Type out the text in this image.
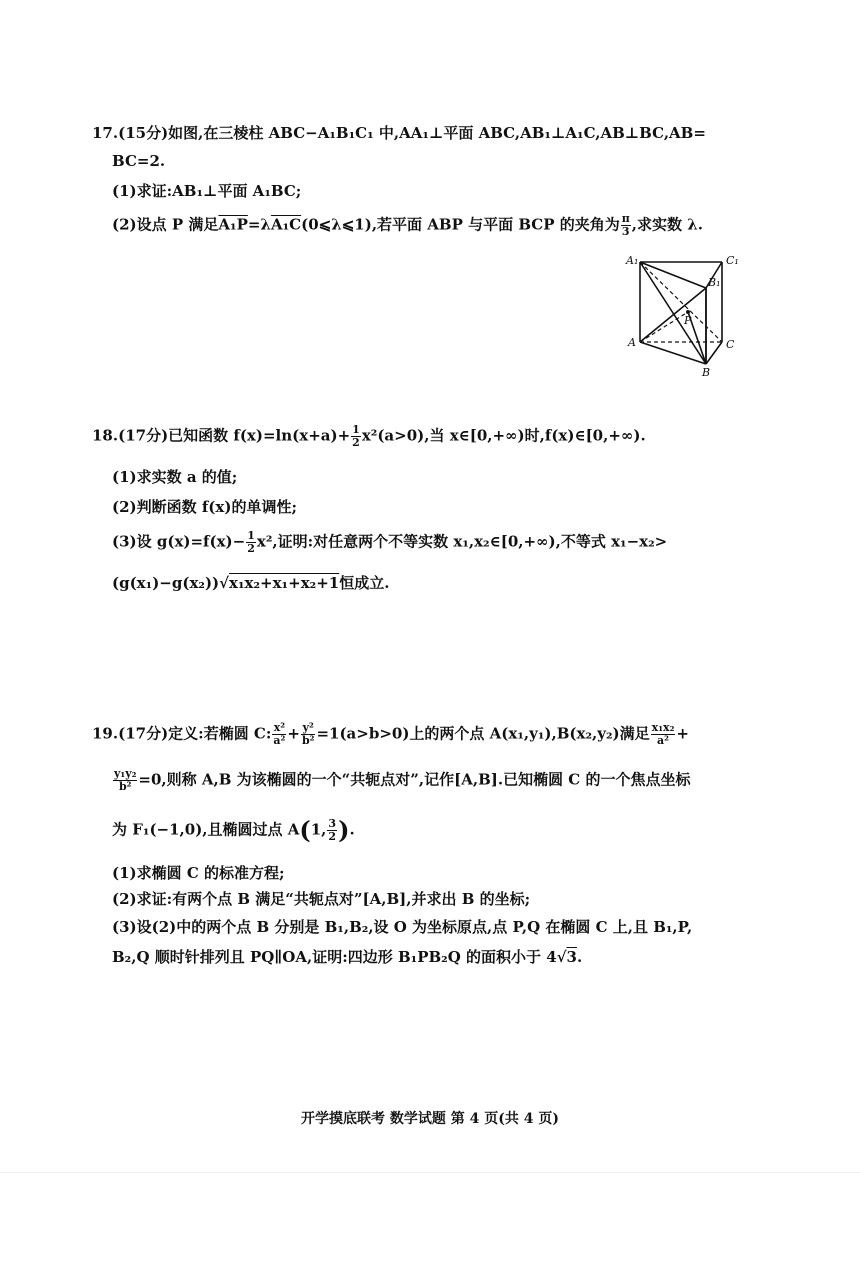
17.(15分)如图,在三棱柱 ABC−A₁B₁C₁ 中,AA₁⊥平面 ABC,AB₁⊥A₁C,AB⊥BC,AB=
BC=2.
(1)求证:AB₁⊥平面 A₁BC;
(2)设点 P 满足A₁P=λA₁C(0⩽λ⩽1),若平面 ABP 与平面 BCP 的夹角为 $\frac{\pi}{3}$ ,求实数 λ.
A₁	C₁
B₁
P
A	C
B
18.(17分)已知函数 $f(x)=\ln(x+a)+ \frac{1}{2} x^2(a>0)$,当 x∈[0,+∞)时,f(x)∈[0,+∞).
(1)求实数 a 的值;
(2)判断函数 f(x)的单调性;
(3)设 $g(x)=f(x)- \frac{1}{2} x^2$,证明:对任意两个不等实数 x₁,x₂∈[0,+∞),不等式 x₁−x₂>
(g(x₁)−g(x₂))√x₁x₂+x₁+x₂+1恒成立.
19.(17分)定义:若椭圆 C: $\frac{\text{x²}}{\text{a²}} + \frac{\text{y²}}{\text{b²}} =1(a>b>0)$上的两个点 A(x₁,y₁),B(x₂,y₂)满足 $\frac{\text{x₁x₂}}{\text{a²}}$ +
$\frac{\text{y₁y₂}}{\text{b²}} =0$,则称 A,B 为该椭圆的一个“共轭点对”,记作[A,B].已知椭圆 C 的一个焦点坐标
为 F₁(−1,0),且椭圆过点 A(1, $\frac{3}{2}$ ).
(1)求椭圆 C 的标准方程;
(2)求证:有两个点 B 满足“共轭点对”[A,B],并求出 B 的坐标;
(3)设(2)中的两个点 B 分别是 B₁,B₂,设 O 为坐标原点,点 P,Q 在椭圆 C 上,且 B₁,P,
B₂,Q 顺时针排列且 PQ∥OA,证明:四边形 B₁PB₂Q 的面积小于 4√3.
开学摸底联考 数学试题 第 4 页(共 4 页)
